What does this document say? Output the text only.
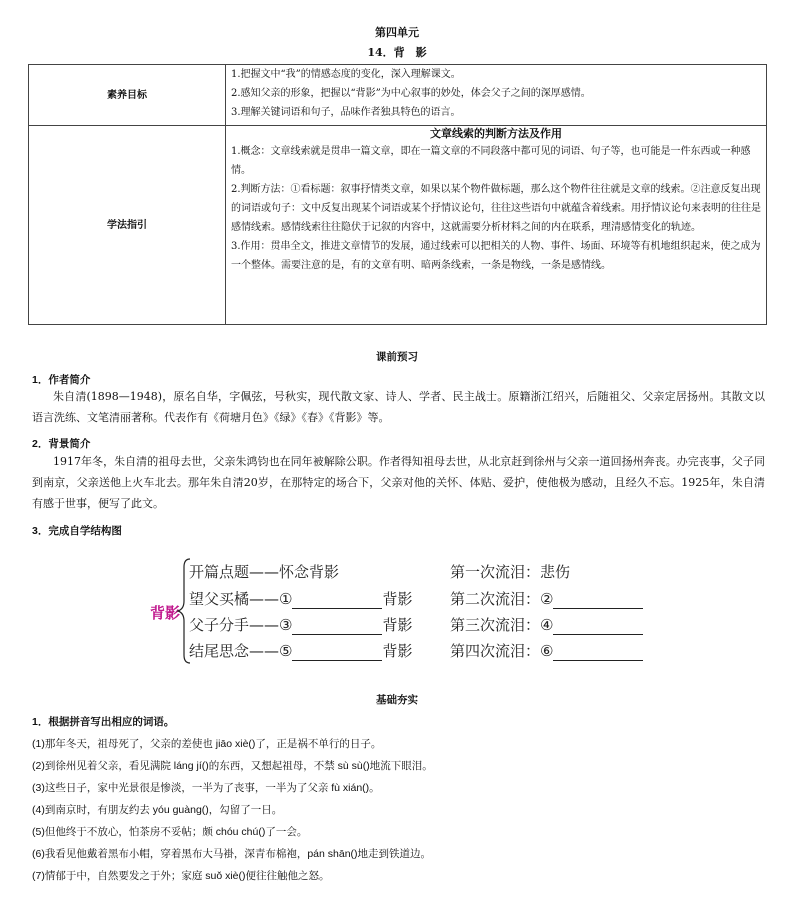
第四单元
14．背　影
素养目标	1.把握文中“我”的情感态度的变化，深入理解课文。
2.感知父亲的形象，把握以“背影”为中心叙事的妙处，体会父子之间的深厚感情。
3.理解关键词语和句子，品味作者独具特色的语言。

学法指引	文章线索的判断方法及作用
1.概念：文章线索就是贯串一篇文章，即在一篇文章的不同段落中都可见的词语、句子等，也可能是一件东西或一种感情。
2.判断方法：①看标题：叙事抒情类文章，如果以某个物件做标题，那么这个物件往往就是文章的线索。②注意反复出现的词语或句子：文中反复出现某个词语或某个抒情议论句，往往这些语句中就蕴含着线索。用抒情议论句来表明的往往是感情线索。感情线索往往隐伏于记叙的内容中，这就需要分析材料之间的内在联系，理清感情变化的轨迹。
3.作用：贯串全文，推进文章情节的发展，通过线索可以把相关的人物、事件、场面、环境等有机地组织起来，使之成为一个整体。需要注意的是，有的文章有明、暗两条线索，一条是物线，一条是感情线。
课前预习
1．作者简介
朱自清(1898—1948)，原名自华，字佩弦，号秋实，现代散文家、诗人、学者、民主战士。原籍浙江绍兴，后随祖父、父亲定居扬州。其散文以语言洗练、文笔清丽著称。代表作有《荷塘月色》《绿》《春》《背影》等。
2．背景简介
1917年冬，朱自清的祖母去世，父亲朱鸿钧也在同年被解除公职。作者得知祖母去世，从北京赶到徐州与父亲一道回扬州奔丧。办完丧事，父子同到南京，父亲送他上火车北去。那年朱自清20岁，在那特定的场合下，父亲对他的关怀、体贴、爱护，使他极为感动，且经久不忘。1925年，朱自清有感于世事，便写了此文。
3．完成自学结构图
背影
开篇点题——怀念背影
望父买橘——①	背影
父子分手——③	背影
结尾思念——⑤	背影
第一次流泪：悲伤
第二次流泪：②
第三次流泪：④
第四次流泪：⑥
基础夯实
1．根据拼音写出相应的词语。
(1)那年冬天，祖母死了，父亲的差使也 jiāo xiè()了，正是祸不单行的日子。
(2)到徐州见着父亲，看见满院 láng jí()的东西，又想起祖母，不禁 sù sù()地流下眼泪。
(3)这些日子，家中光景很是惨淡，一半为了丧事，一半为了父亲 fù xián()。
(4)到南京时，有朋友约去 yóu guàng()，勾留了一日。
(5)但他终于不放心，怕茶房不妥帖；颇 chóu chú()了一会。
(6)我看见他戴着黑布小帽，穿着黑布大马褂，深青布棉袍，pán shān()地走到铁道边。
(7)情郁于中，自然要发之于外；家庭 suǒ xiè()便往往触他之怒。
